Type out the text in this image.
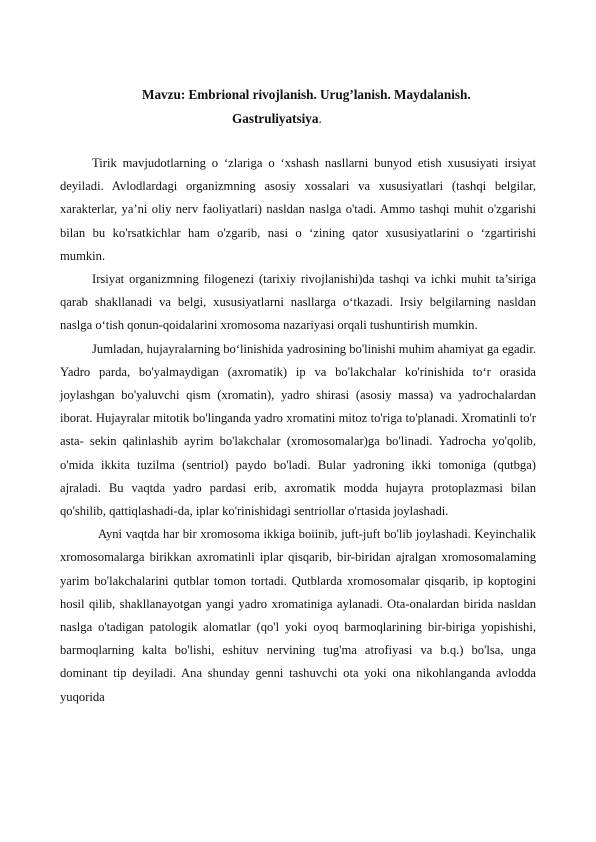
Mavzu: Embrional rivojlanish. Urug’lanish. Maydalanish.
Gastruliyatsiya.

Tirik mavjudotlarning o ‘zlariga o ‘xshash nasllarni bunyod etish xususiyati irsiyat deyiladi. Avlodlardagi organizmning asosiy xossalari va xususiyatlari (tashqi belgilar, xarakterlar, ya’ni oliy nerv faoliyatlari) nasldan naslga o'tadi. Ammo tashqi muhit o'zgarishi bilan bu ko'rsatkichlar ham o'zgarib, nasi o ‘zining qator xususiyatlarini o ‘zgartirishi mumkin.

Irsiyat organizmning filogenezi (tarixiy rivojlanishi)da tashqi va ichki muhit ta’siriga qarab shakllanadi va belgi, xususiyatlarni nasllarga o‘tkazadi. Irsiy belgilarning nasldan naslga o‘tish qonun-qoidalarini xromosoma nazariyasi orqali tushuntirish mumkin.

Jumladan, hujayralarning bo‘linishida yadrosining bo'linishi muhim ahamiyat ga egadir. Yadro parda, bo'yalmaydigan (axromatik) ip va bo'lakchalar ko'rinishida to‘r orasida joylashgan bo'yaluvchi qism (xromatin), yadro shirasi (asosiy massa) va yadrochalardan iborat. Hujayralar mitotik bo'linganda yadro xromatini mitoz to'riga to'planadi. Xromatinli to'r asta- sekin qalinlashib ayrim bo'lakchalar (xromosomalar)ga bo'linadi. Yadrocha yo'qolib, o'mida ikkita tuzilma (sentriol) paydo bo'ladi. Bular yadroning ikki tomoniga (qutbga) ajraladi. Bu vaqtda yadro pardasi erib, axromatik modda hujayra protoplazmasi bilan qo'shilib, qattiqlashadi-da, iplar ko'rinishidagi sentriollar o'rtasida joylashadi.

Ayni vaqtda har bir xromosoma ikkiga boiinib, juft-juft bo'lib joylashadi. Keyinchalik xromosomalarga birikkan axromatinli iplar qisqarib, bir-biridan ajralgan xromosomalaming yarim bo'lakchalarini qutblar tomon tortadi. Qutblarda xromosomalar qisqarib, ip koptogini hosil qilib, shakllanayotgan yangi yadro xromatiniga aylanadi. Ota-onalardan birida nasldan naslga o'tadigan patologik alomatlar (qo'l yoki oyoq barmoqlarining bir-biriga yopishishi, barmoqlarning kalta bo'lishi, eshituv nervining tug'ma atrofiyasi va b.q.) bo'lsa, unga dominant tip deyiladi. Ana shunday genni tashuvchi ota yoki ona nikohlanganda avlodda yuqorida
